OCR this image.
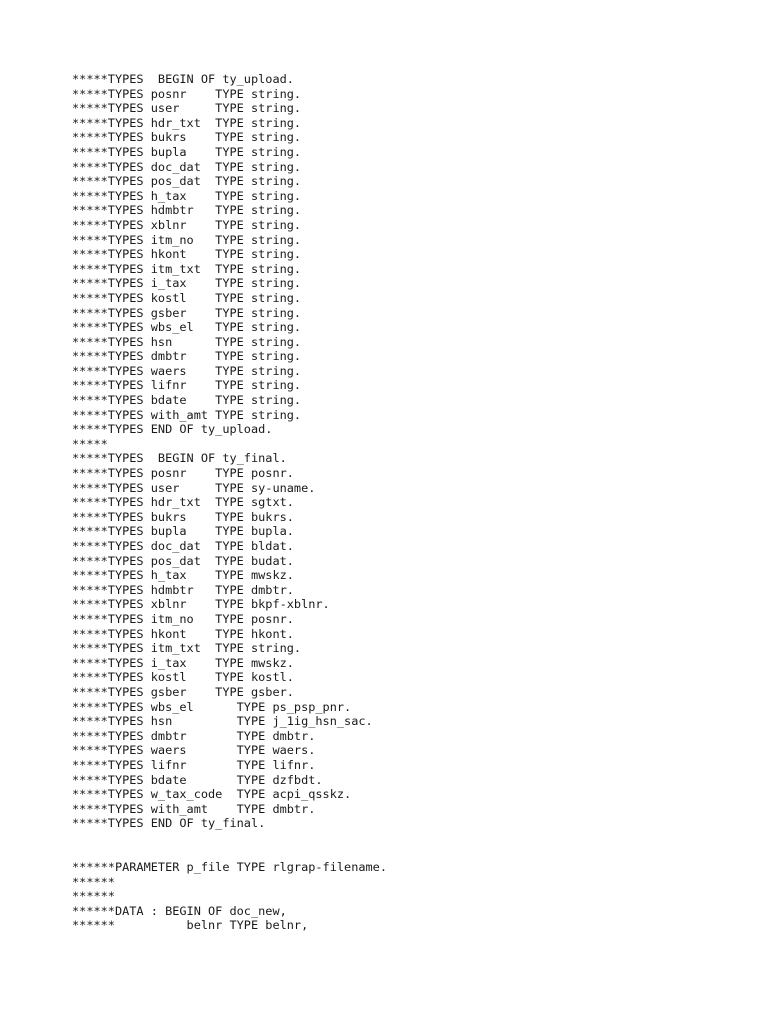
*****TYPES  BEGIN OF ty_upload.
*****TYPES posnr    TYPE string.
*****TYPES user     TYPE string.
*****TYPES hdr_txt  TYPE string.
*****TYPES bukrs    TYPE string.
*****TYPES bupla    TYPE string.
*****TYPES doc_dat  TYPE string.
*****TYPES pos_dat  TYPE string.
*****TYPES h_tax    TYPE string.
*****TYPES hdmbtr   TYPE string.
*****TYPES xblnr    TYPE string.
*****TYPES itm_no   TYPE string.
*****TYPES hkont    TYPE string.
*****TYPES itm_txt  TYPE string.
*****TYPES i_tax    TYPE string.
*****TYPES kostl    TYPE string.
*****TYPES gsber    TYPE string.
*****TYPES wbs_el   TYPE string.
*****TYPES hsn      TYPE string.
*****TYPES dmbtr    TYPE string.
*****TYPES waers    TYPE string.
*****TYPES lifnr    TYPE string.
*****TYPES bdate    TYPE string.
*****TYPES with_amt TYPE string.
*****TYPES END OF ty_upload.
*****
*****TYPES  BEGIN OF ty_final.
*****TYPES posnr    TYPE posnr.
*****TYPES user     TYPE sy-uname.
*****TYPES hdr_txt  TYPE sgtxt.
*****TYPES bukrs    TYPE bukrs.
*****TYPES bupla    TYPE bupla.
*****TYPES doc_dat  TYPE bldat.
*****TYPES pos_dat  TYPE budat.
*****TYPES h_tax    TYPE mwskz.
*****TYPES hdmbtr   TYPE dmbtr.
*****TYPES xblnr    TYPE bkpf-xblnr.
*****TYPES itm_no   TYPE posnr.
*****TYPES hkont    TYPE hkont.
*****TYPES itm_txt  TYPE string.
*****TYPES i_tax    TYPE mwskz.
*****TYPES kostl    TYPE kostl.
*****TYPES gsber    TYPE gsber.
*****TYPES wbs_el      TYPE ps_psp_pnr.
*****TYPES hsn         TYPE j_1ig_hsn_sac.
*****TYPES dmbtr       TYPE dmbtr.
*****TYPES waers       TYPE waers.
*****TYPES lifnr       TYPE lifnr.
*****TYPES bdate       TYPE dzfbdt.
*****TYPES w_tax_code  TYPE acpi_qsskz.
*****TYPES with_amt    TYPE dmbtr.
*****TYPES END OF ty_final.

******PARAMETER p_file TYPE rlgrap-filename.
******
******
******DATA : BEGIN OF doc_new,
******          belnr TYPE belnr,
